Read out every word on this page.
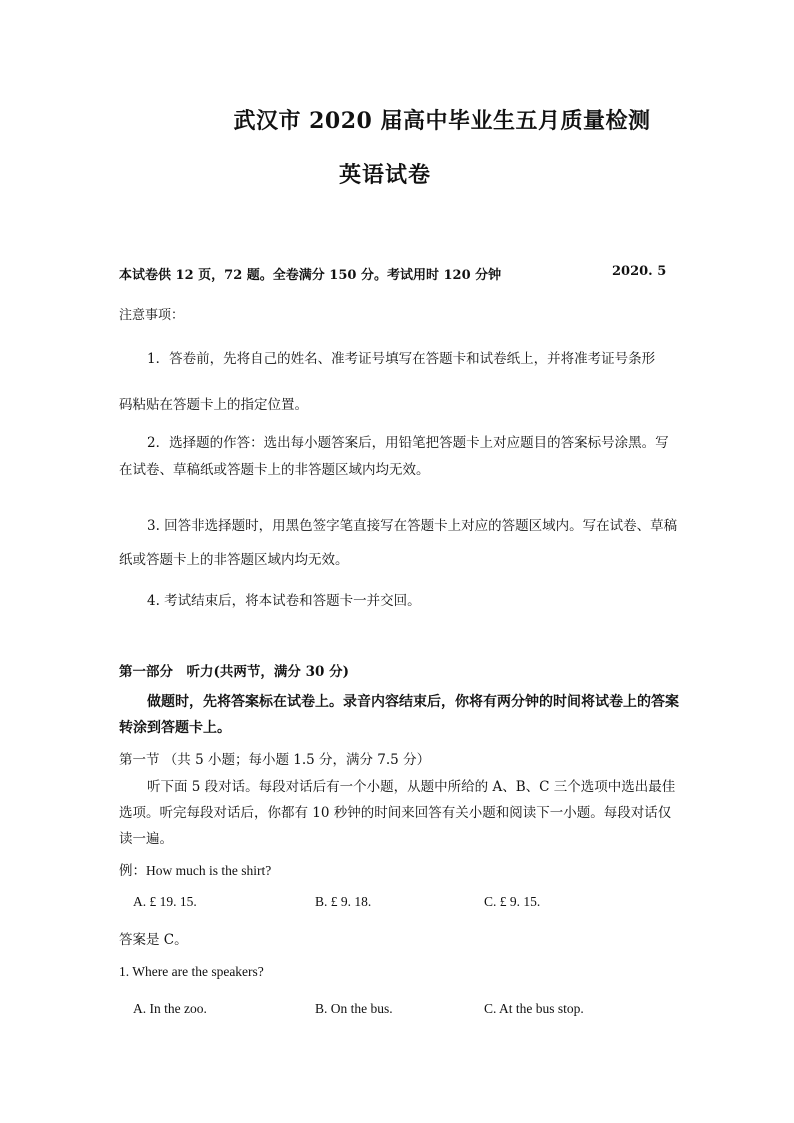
武汉市 2020 届高中毕业生五月质量检测
英语试卷
本试卷供 12 页，72 题。全卷满分 150 分。考试用时 120 分钟	2020. 5
注意事项：
1．答卷前，先将自己的姓名、准考证号填写在答题卡和试卷纸上，并将准考证号条形
码粘贴在答题卡上的指定位置。
2．选择题的作答：选出每小题答案后，用铅笔把答题卡上对应题目的答案标号涂黑。写在试卷、草稿纸或答题卡上的非答题区域内均无效。
3. 回答非选择题时，用黑色签字笔直接写在答题卡上对应的答题区域内。写在试卷、草稿纸或答题卡上的非答题区域内均无效。
4. 考试结束后，将本试卷和答题卡一并交回。
第一部分　听力(共两节，满分 30 分)
做题时，先将答案标在试卷上。录音内容结束后，你将有两分钟的时间将试卷上的答案转涂到答题卡上。
第一节 （共 5 小题；每小题 1.5 分，满分 7.5 分）
听下面 5 段对话。每段对话后有一个小题，从题中所给的 A、B、C 三个选项中选出最佳选项。听完每段对话后，你都有 10 秒钟的时间来回答有关小题和阅读下一小题。每段对话仅读一遍。
例：How much is the shirt?
A. £ 19. 15.	B. £ 9. 18.	C. £ 9. 15.
答案是 C。
1. Where are the speakers?
A. In the zoo.	B. On the bus.	C. At the bus stop.
